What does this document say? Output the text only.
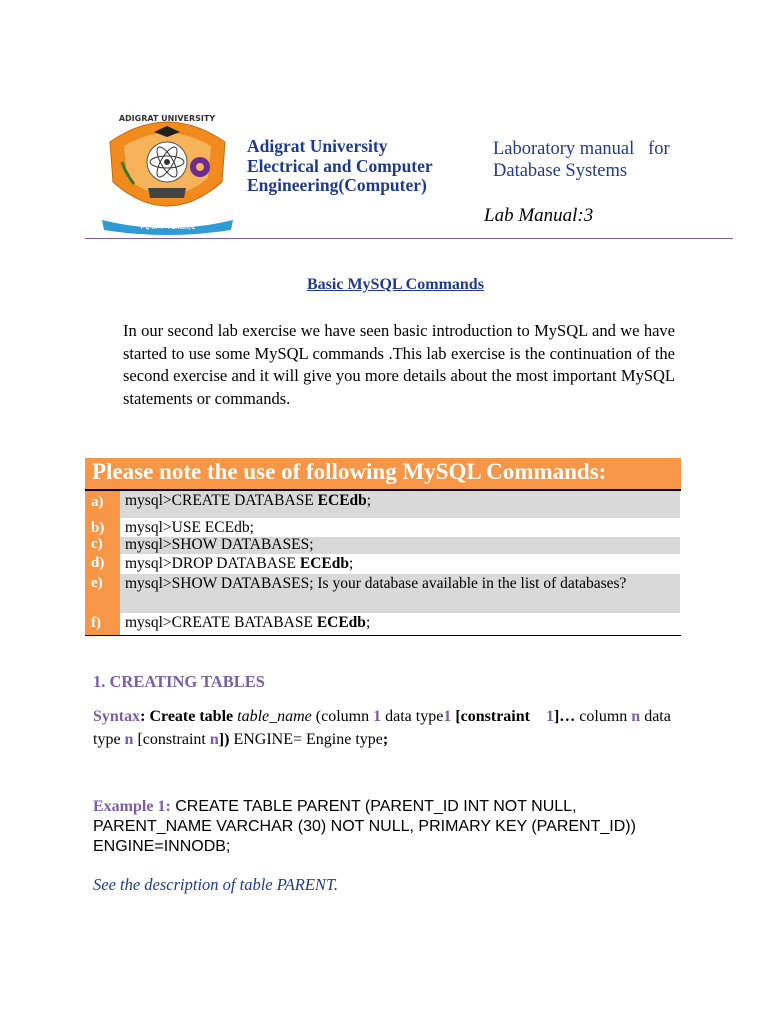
ዓዲግራት ዩኒቨርሲቲ
ADIGRAT UNIVERSITY
Adigrat University
Electrical and Computer
Engineering(Computer)
Laboratory manual   for
Database Systems
Lab Manual:3
Basic MySQL Commands
In our second lab exercise we have seen basic introduction to MySQL and we have started to use some MySQL commands .This lab exercise is the continuation of the second exercise and it will give you more details about the most important MySQL statements or commands.
Please note the use of following MySQL Commands:
a) mysql>CREATE DATABASE ECEdb;
b) mysql>USE ECEdb;
c) mysql>SHOW DATABASES;
d) mysql>DROP DATABASE ECEdb;
e) mysql>SHOW DATABASES; Is your database available in the list of databases?
f) mysql>CREATE BATABASE ECEdb;
1. CREATING TABLES
Syntax: Create table table_name (column 1 data type1 [constraint 1]… column n data type n [constraint n]) ENGINE= Engine type;
Example 1: CREATE TABLE PARENT (PARENT_ID INT NOT NULL, PARENT_NAME VARCHAR (30) NOT NULL, PRIMARY KEY (PARENT_ID)) ENGINE=INNODB;
See the description of table PARENT.
